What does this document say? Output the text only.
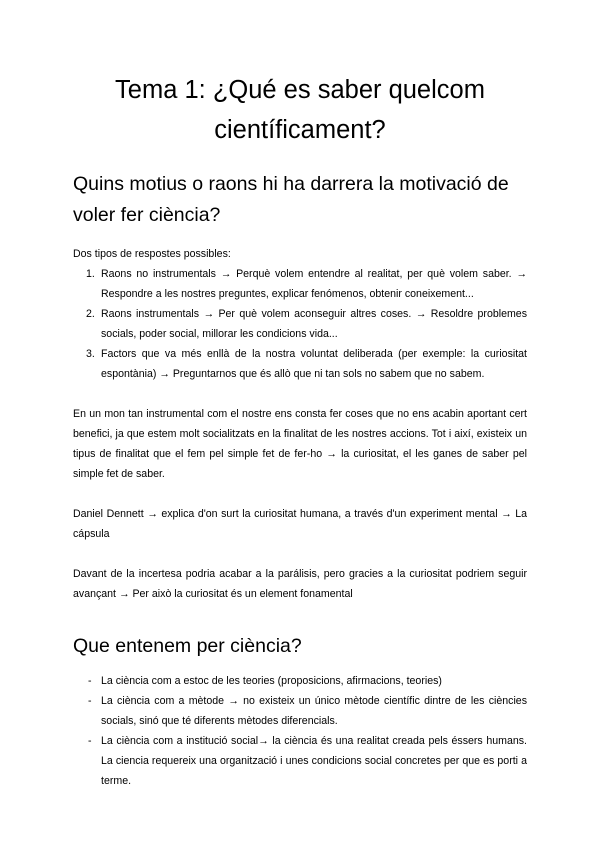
Tema 1: ¿Qué es saber quelcom científicament?
Quins motius o raons hi ha darrera la motivació de voler fer ciència?

Dos tipos de respostes possibles:

1. Raons no instrumentals → Perquè volem entendre al realitat, per què volem saber. → Respondre a les nostres preguntes, explicar fenómenos, obtenir coneixement...
2. Raons instrumentals → Per què volem aconseguir altres coses. → Resoldre problemes socials, poder social, millorar les condicions vida...
3. Factors que va més enllà de la nostra voluntat deliberada (per exemple: la curiositat espontània) → Preguntarnos que és allò que ni tan sols no sabem que no sabem.

En un mon tan instrumental com el nostre ens consta fer coses que no ens acabin aportant cert benefici, ja que estem molt socialitzats en la finalitat de les nostres accions. Tot i així, existeix un tipus de finalitat que el fem pel simple fet de fer-ho → la curiositat, el les ganes de saber pel simple fet de saber.

Daniel Dennett → explica d'on surt la curiositat humana, a través d'un experiment mental → La cápsula

Davant de la incertesa podria acabar a la parálisis, pero gracies a la curiositat podriem seguir avançant → Per això la curiositat és un element fonamental

Que entenem per ciència?
- La ciència com a estoc de les teories (proposicions, afirmacions, teories)
- La ciència com a mètode → no existeix un único mètode científic dintre de les ciències socials, sinó que té diferents mètodes diferencials.
- La ciència com a institució social→ la ciència és una realitat creada pels éssers humans. La ciencia requereix una organització i unes condicions social concretes per que es porti a terme.
